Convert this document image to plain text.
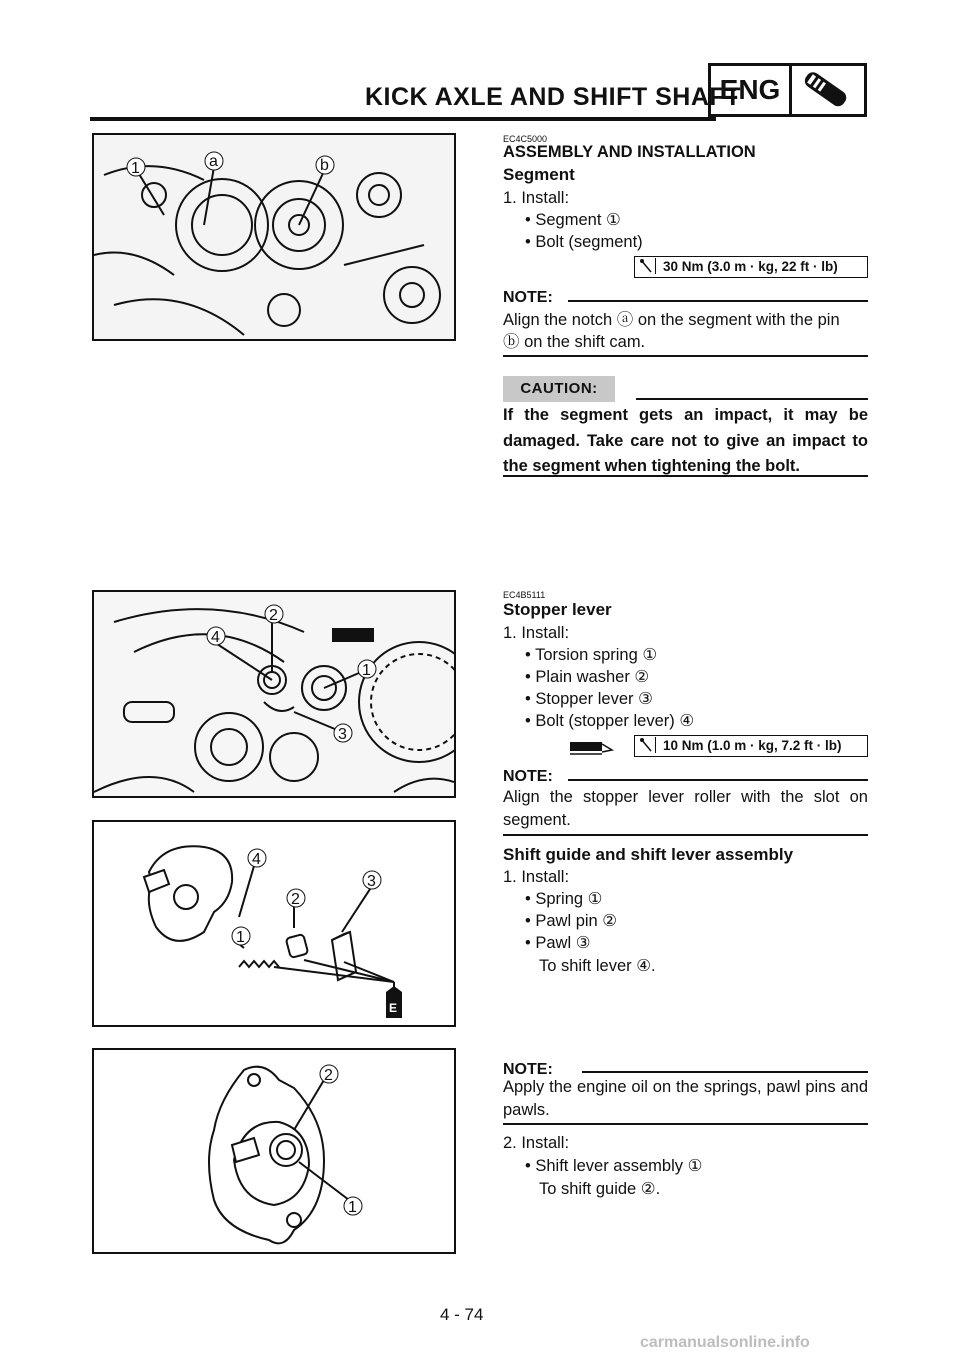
KICK AXLE AND SHIFT SHAFT
ENG
1	a	b
EC4C5000
ASSEMBLY AND INSTALLATION
Segment
1. Install:
• Segment ①
• Bolt (segment)
30 Nm (3.0 m · kg, 22 ft · lb)
NOTE:
Align the notch ⓐ on the segment with the pin
ⓑ on the shift cam.
CAUTION:
If the segment gets an impact, it may be damaged. Take care not to give an impact to the segment when tightening the bolt.
2
4
1
3
EC4B5111
Stopper lever
1. Install:
• Torsion spring ①
• Plain washer ②
• Stopper lever ③
• Bolt (stopper lever) ④
10 Nm (1.0 m · kg, 7.2 ft · lb)
NOTE:
Align the stopper lever roller with the slot on segment.
4
3
2
1
E
Shift guide and shift lever assembly
1. Install:
• Spring ①
• Pawl pin ②
• Pawl ③
To shift lever ④.
2
1
NOTE:
Apply the engine oil on the springs, pawl pins and pawls.
2. Install:
• Shift lever assembly ①
To shift guide ②.
4 - 74
carmanualsonline.info
